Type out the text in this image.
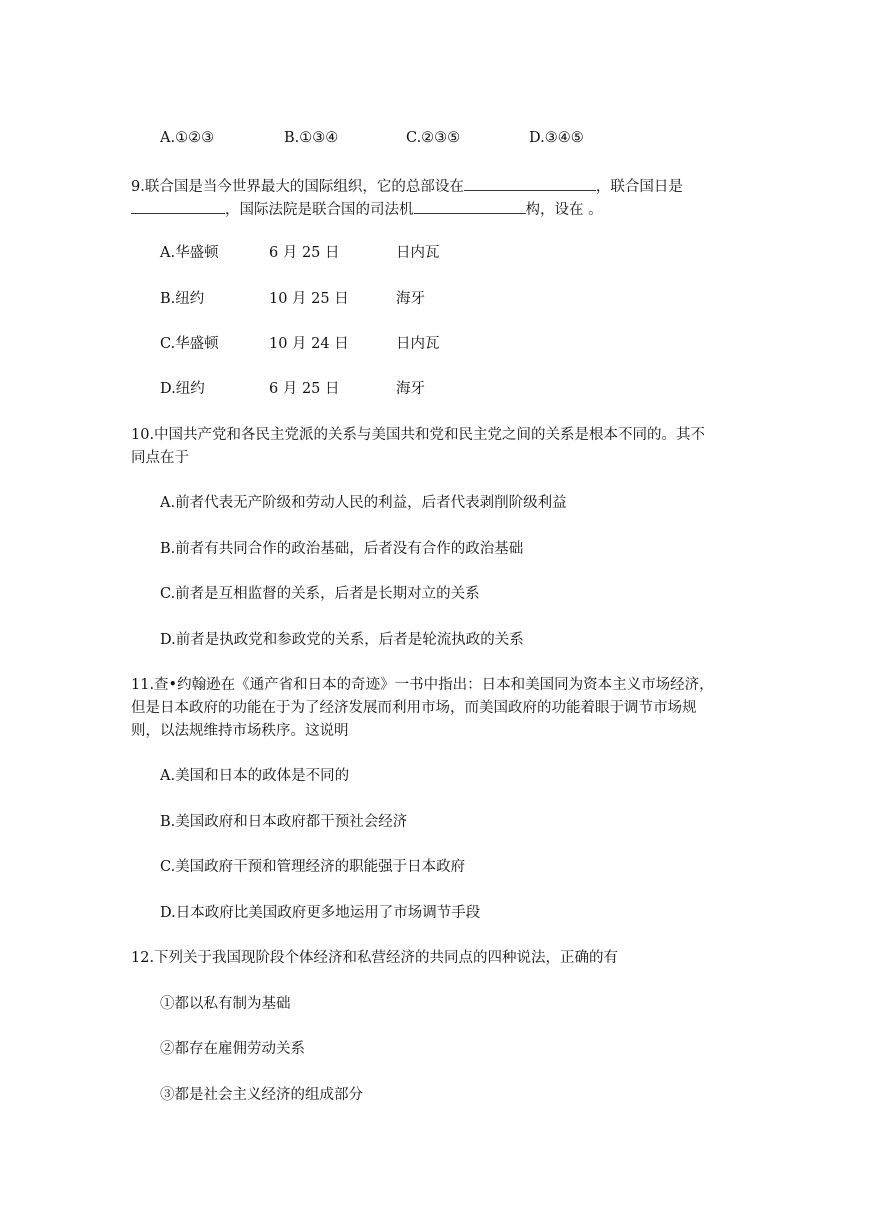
A.①②③	B.①③④	C.②③⑤	D.③④⑤
9.联合国是当今世界最大的国际组织，它的总部设在	，联合国日是
，国际法院是联合国的司法机	构，设在 。
A.华盛顿	6 月 25 日	日内瓦
B.纽约	10 月 25 日	海牙
C.华盛顿	10 月 24 日	日内瓦
D.纽约	6 月 25 日	海牙
10.中国共产党和各民主党派的关系与美国共和党和民主党之间的关系是根本不同的。其不
同点在于
A.前者代表无产阶级和劳动人民的利益，后者代表剥削阶级利益
B.前者有共同合作的政治基础，后者没有合作的政治基础
C.前者是互相监督的关系，后者是长期对立的关系
D.前者是执政党和参政党的关系，后者是轮流执政的关系
11.查•约翰逊在《通产省和日本的奇迹》一书中指出：日本和美国同为资本主义市场经济，
但是日本政府的功能在于为了经济发展而利用市场，而美国政府的功能着眼于调节市场规
则，以法规维持市场秩序。这说明
A.美国和日本的政体是不同的
B.美国政府和日本政府都干预社会经济
C.美国政府干预和管理经济的职能强于日本政府
D.日本政府比美国政府更多地运用了市场调节手段
12.下列关于我国现阶段个体经济和私营经济的共同点的四种说法，正确的有
①都以私有制为基础
②都存在雇佣劳动关系
③都是社会主义经济的组成部分
